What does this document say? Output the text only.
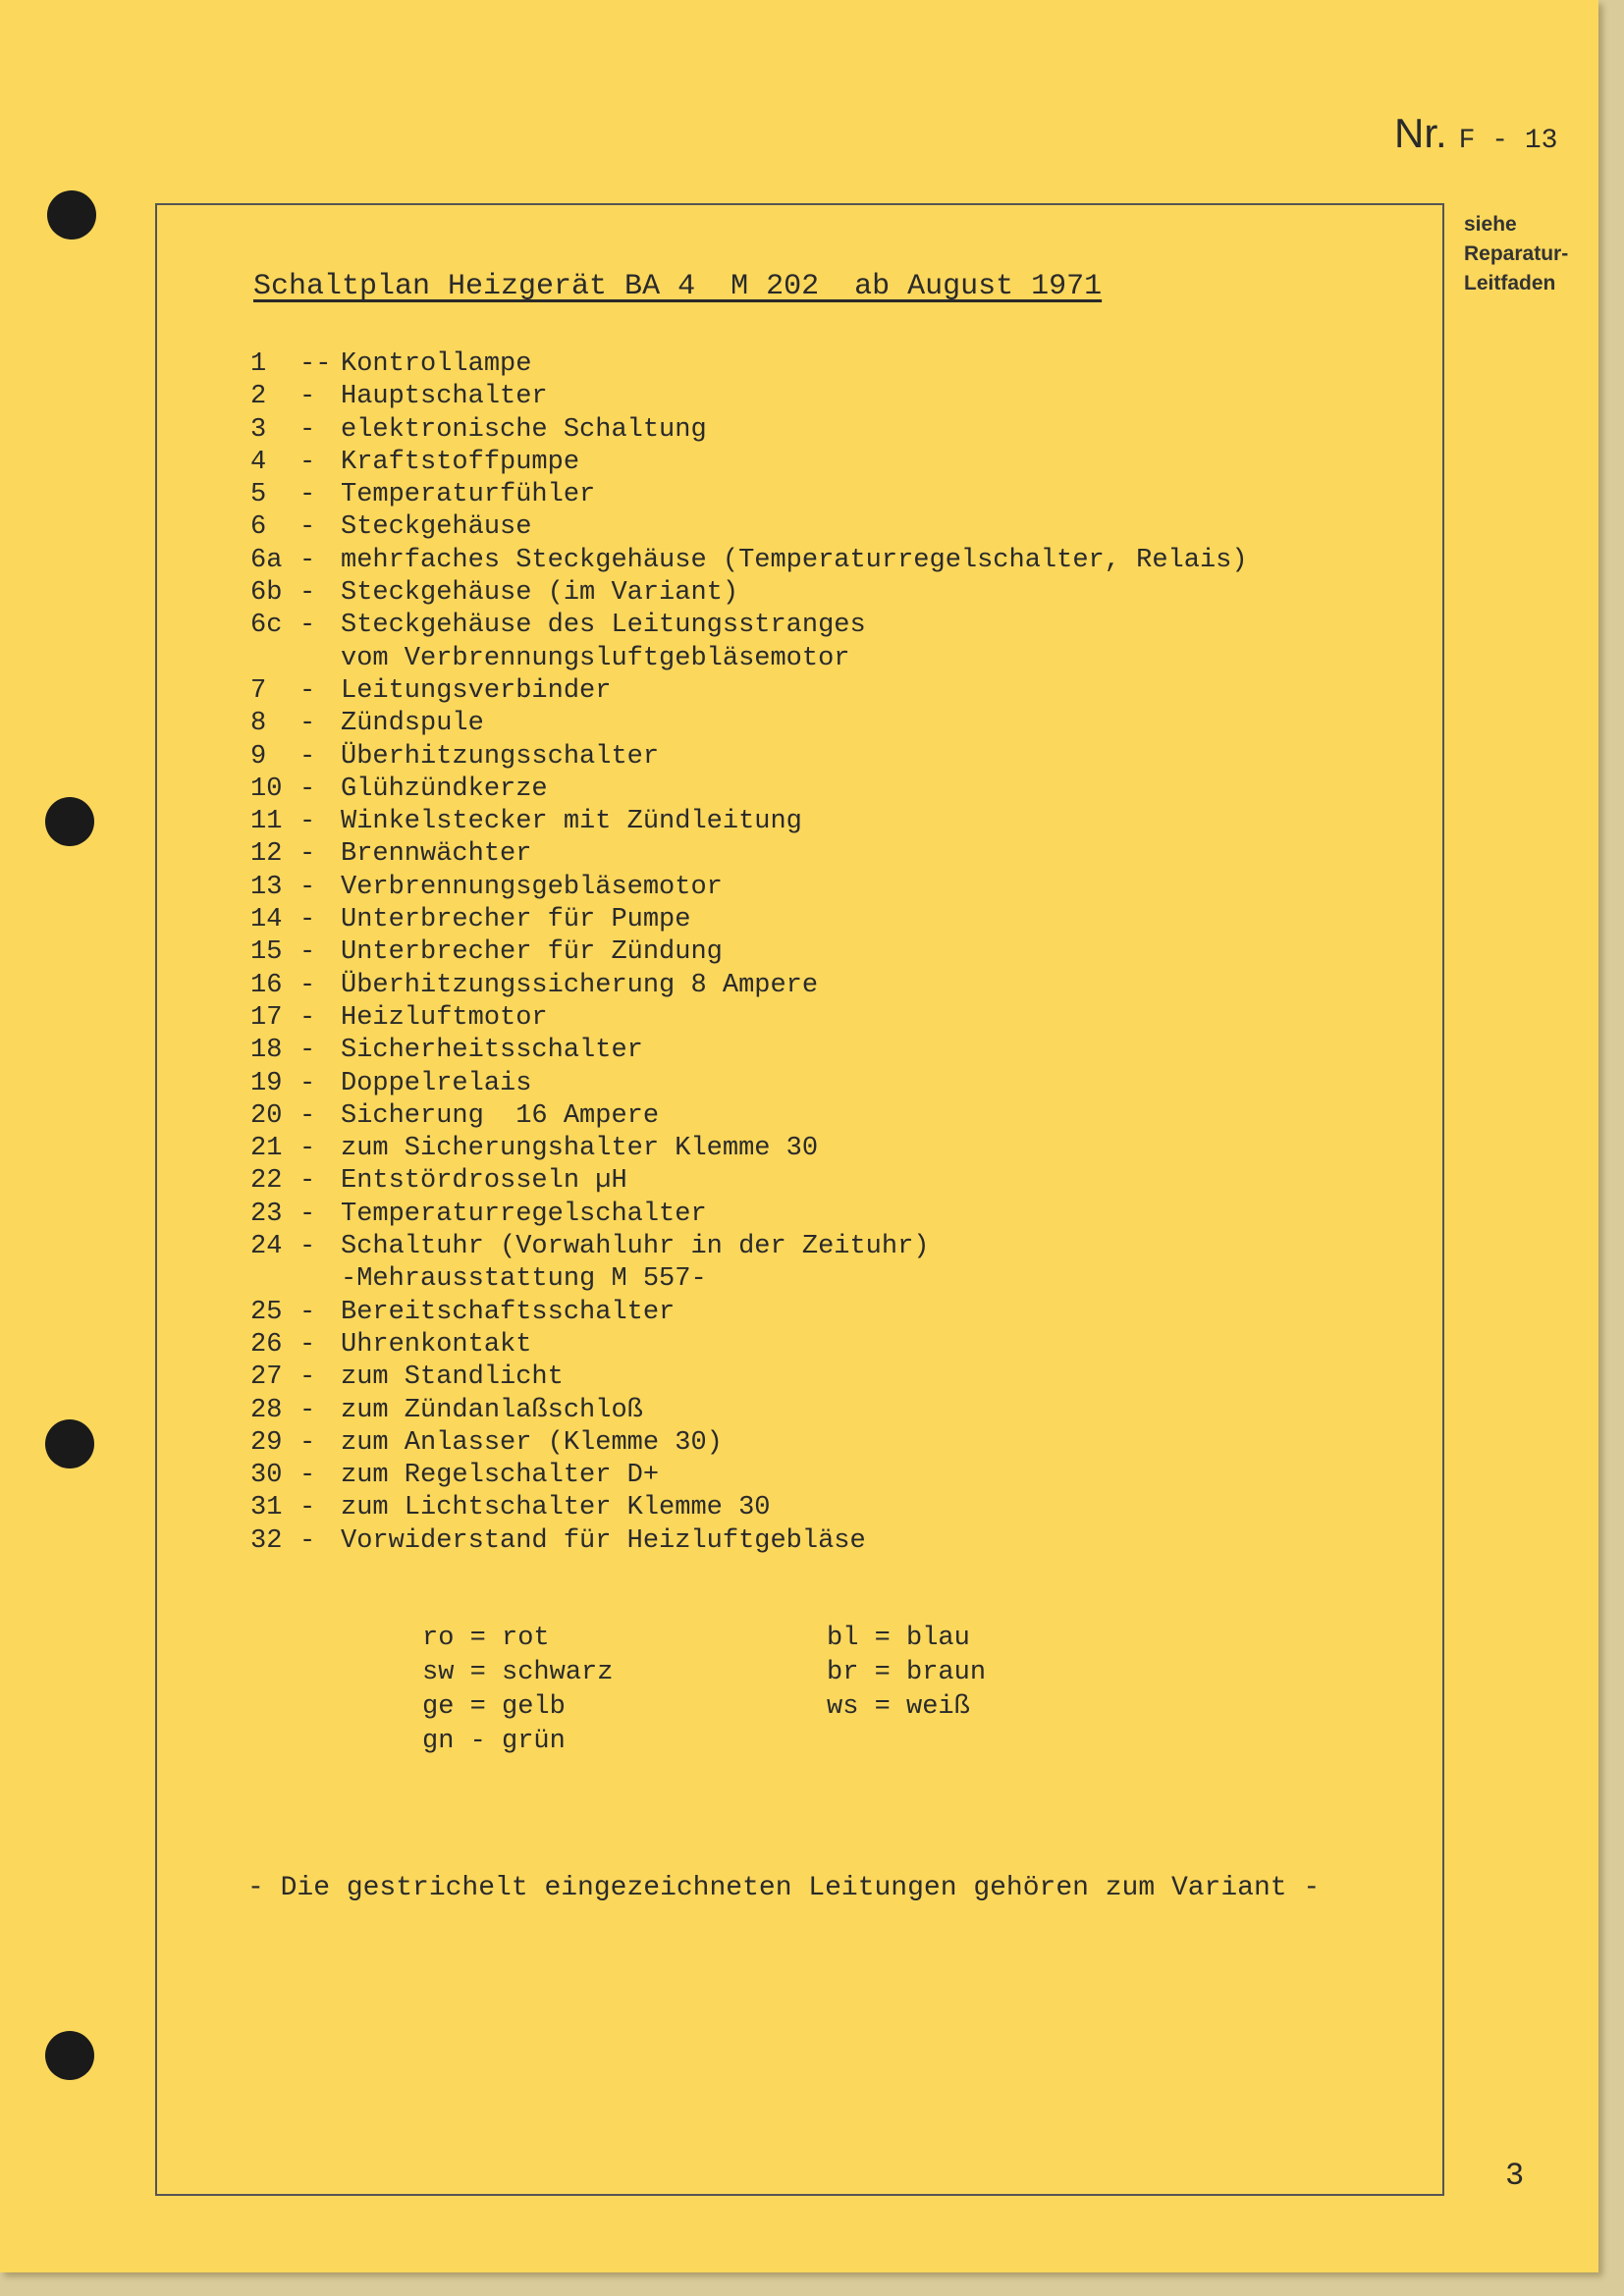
Nr. F - 13
siehe
Reparatur-
Leitfaden
Schaltplan Heizgerät BA 4  M 202  ab August 1971
1 -- Kontrollampe
2 - Hauptschalter
3 - elektronische Schaltung
4 - Kraftstoffpumpe
5 - Temperaturfühler
6 - Steckgehäuse
6a - mehrfaches Steckgehäuse (Temperaturregelschalter, Relais)
6b - Steckgehäuse (im Variant)
6c - Steckgehäuse des Leitungsstranges
vom Verbrennungsluftgebläsemotor
7 - Leitungsverbinder
8 - Zündspule
9 - Überhitzungsschalter
10 - Glühzündkerze
11 - Winkelstecker mit Zündleitung
12 - Brennwächter
13 - Verbrennungsgebläsemotor
14 - Unterbrecher für Pumpe
15 - Unterbrecher für Zündung
16 - Überhitzungssicherung 8 Ampere
17 - Heizluftmotor
18 - Sicherheitsschalter
19 - Doppelrelais
20 - Sicherung  16 Ampere
21 - zum Sicherungshalter Klemme 30
22 - Entstördrosseln µH
23 - Temperaturregelschalter
24 - Schaltuhr (Vorwahluhr in der Zeituhr)
-Mehrausstattung M 557-
25 - Bereitschaftsschalter
26 - Uhrenkontakt
27 - zum Standlicht
28 - zum Zündanlaßschloß
29 - zum Anlasser (Klemme 30)
30 - zum Regelschalter D+
31 - zum Lichtschalter Klemme 30
32 - Vorwiderstand für Heizluftgebläse
ro = rot
sw = schwarz
ge = gelb
gn - grün
bl = blau
br = braun
ws = weiß
- Die gestrichelt eingezeichneten Leitungen gehören zum Variant -
3
